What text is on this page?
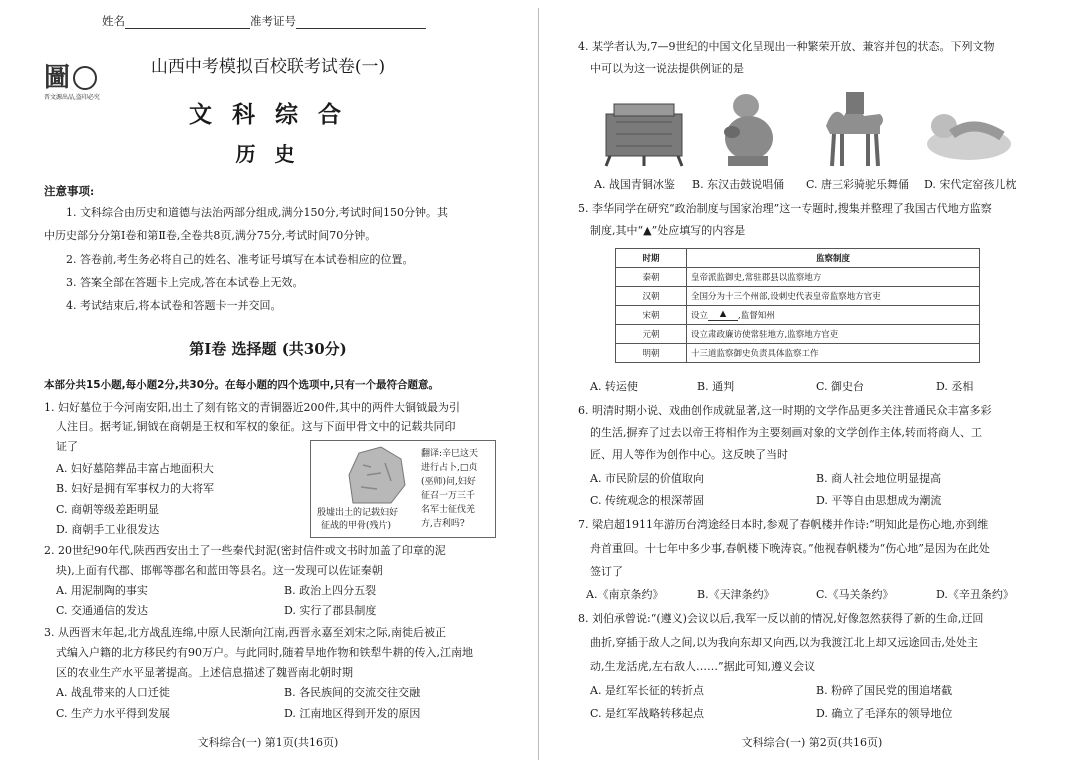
姓名	准考证号
圖
晋文源出品,盗印必究
山西中考模拟百校联考试卷(一)
文 科 综 合
历 史
注意事项:
1. 文科综合由历史和道德与法治两部分组成,满分150分,考试时间150分钟。其
中历史部分分第Ⅰ卷和第Ⅱ卷,全卷共8页,满分75分,考试时间70分钟。
2. 答卷前,考生务必将自己的姓名、准考证号填写在本试卷相应的位置。
3. 答案全部在答题卡上完成,答在本试卷上无效。
4. 考试结束后,将本试卷和答题卡一并交回。
第Ⅰ卷 选择题 (共30分)
本部分共15小题,每小题2分,共30分。在每小题的四个选项中,只有一个最符合题意。
1. 妇好墓位于今河南安阳,出土了刻有铭文的青铜器近200件,其中的两件大铜钺最为引
人注目。据考证,铜钺在商朝是王权和军权的象征。这与下面甲骨文中的记载共同印
证了
A. 妇好墓陪葬品丰富占地面积大
B. 妇好是拥有军事权力的大将军
C. 商朝等级差距明显
D. 商朝手工业很发达
殷墟出土的记载妇好
征战的甲骨(残片)
翻译:辛巳这天
进行占卜,□贞
(巫师)问,妇好
征召一万三千
名军士征伐羌
方,吉利吗?
2. 20世纪90年代,陕西西安出土了一些秦代封泥(密封信件或文书时加盖了印章的泥
块),上面有代郡、邯郸等郡名和蓝田等县名。这一发现可以佐证秦朝
A. 用泥制陶的事实	B. 政治上四分五裂
C. 交通通信的发达	D. 实行了郡县制度
3. 从西晋末年起,北方战乱连绵,中原人民渐向江南,西晋永嘉至刘宋之际,南徙后被正
式编入户籍的北方移民约有90万户。与此同时,随着旱地作物和铁犁牛耕的传入,江南地
区的农业生产水平显著提高。上述信息描述了魏晋南北朝时期
A. 战乱带来的人口迁徙	B. 各民族间的交流交往交融
C. 生产力水平得到发展	D. 江南地区得到开发的原因
文科综合(一) 第1页(共16页)
4. 某学者认为,7—9世纪的中国文化呈现出一种繁荣开放、兼容并包的状态。下列文物
中可以为这一说法提供例证的是
A. 战国青铜冰鉴 B. 东汉击鼓说唱俑 C. 唐三彩骑驼乐舞俑 D. 宋代定窑孩儿枕
5. 李华同学在研究“政治制度与国家治理”这一专题时,搜集并整理了我国古代地方监察
制度,其中“▲”处应填写的内容是
时期	监察制度
秦朝	皇帝派监御史,常驻郡县以监察地方
汉朝	全国分为十三个州部,设刺史代表皇帝监察地方官吏
宋朝	设立 ▲ ,监督知州
元朝	设立肃政廉访使常驻地方,监察地方官吏
明朝	十三道监察御史负责具体监察工作
A. 转运使	B. 通判	C. 御史台	D. 丞相
6. 明清时期小说、戏曲创作成就显著,这一时期的文学作品更多关注普通民众丰富多彩
的生活,摒弃了过去以帝王将相作为主要刻画对象的文学创作主体,转而将商人、工
匠、用人等作为创作中心。这反映了当时
A. 市民阶层的价值取向	B. 商人社会地位明显提高
C. 传统观念的根深蒂固	D. 平等自由思想成为潮流
7. 梁启超1911年游历台湾途经日本时,参观了春帆楼并作诗:“明知此是伤心地,亦到维
舟首重回。十七年中多少事,春帆楼下晚涛哀。”他视春帆楼为“伤心地”是因为在此处
签订了
A.《南京条约》	B.《天津条约》	C.《马关条约》	D.《辛丑条约》
8. 刘伯承曾说:“(遵义)会议以后,我军一反以前的情况,好像忽然获得了新的生命,迂回
曲折,穿插于敌人之间,以为我向东却又向西,以为我渡江北上却又远途回击,处处主
动,生龙活虎,左右敌人……”据此可知,遵义会议
A. 是红军长征的转折点	B. 粉碎了国民党的围追堵截
C. 是红军战略转移起点	D. 确立了毛泽东的领导地位
文科综合(一) 第2页(共16页)
